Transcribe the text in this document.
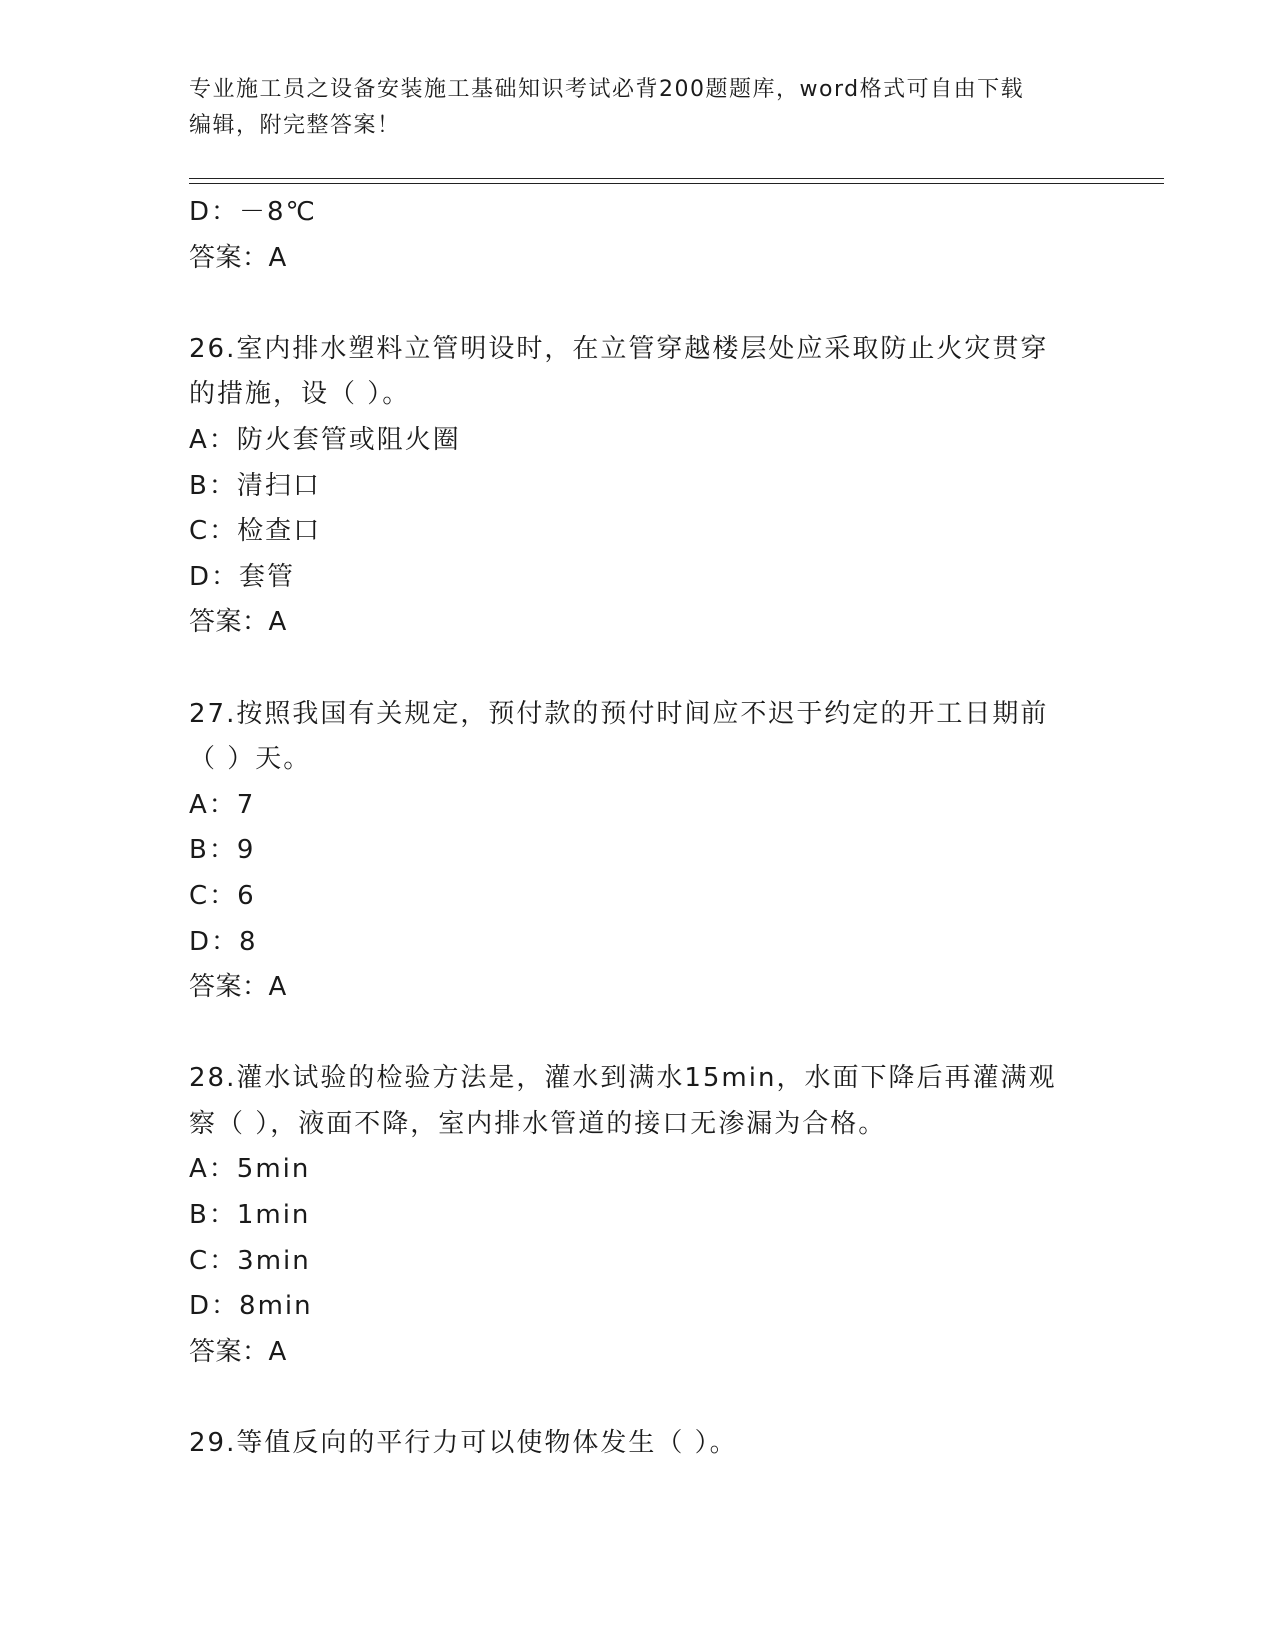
专业施工员之设备安装施工基础知识考试必背200题题库，word格式可自由下载
编辑，附完整答案！
D：－8℃
答案：A
26.室内排水塑料立管明设时，在立管穿越楼层处应采取防止火灾贯穿
的措施，设（ ）。
A：防火套管或阻火圈
B：清扫口
C：检查口
D：套管
答案：A
27.按照我国有关规定，预付款的预付时间应不迟于约定的开工日期前
（ ）天。
A：7
B：9
C：6
D：8
答案：A
28.灌水试验的检验方法是，灌水到满水15min，水面下降后再灌满观
察（ ），液面不降，室内排水管道的接口无渗漏为合格。
A：5min
B：1min
C：3min
D：8min
答案：A
29.等值反向的平行力可以使物体发生（ ）。
